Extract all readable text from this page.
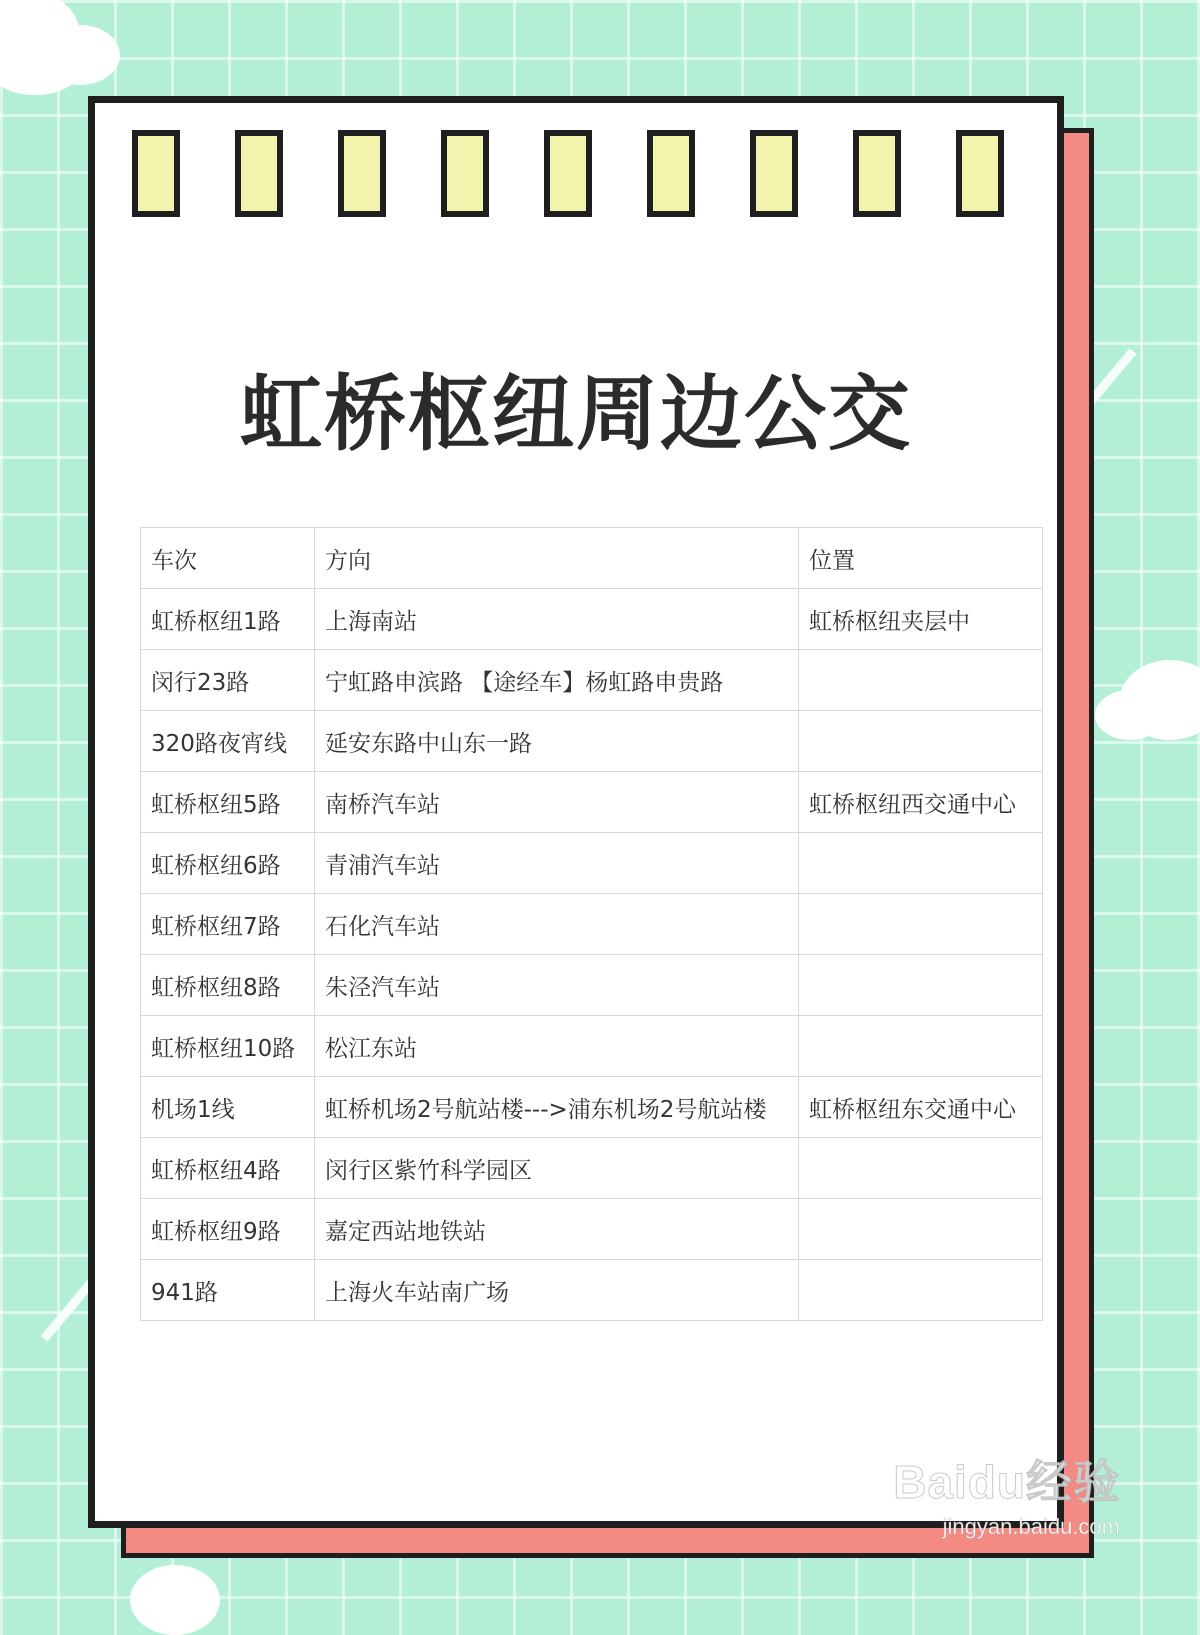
虹桥枢纽周边公交
车次	方向	位置
虹桥枢纽1路	上海南站	虹桥枢纽夹层中
闵行23路	宁虹路申滨路 【途经车】杨虹路申贵路	
320路夜宵线	延安东路中山东一路	
虹桥枢纽5路	南桥汽车站	虹桥枢纽西交通中心
虹桥枢纽6路	青浦汽车站	
虹桥枢纽7路	石化汽车站	
虹桥枢纽8路	朱泾汽车站	
虹桥枢纽10路	松江东站	
机场1线	虹桥机场2号航站楼--->浦东机场2号航站楼	虹桥枢纽东交通中心
虹桥枢纽4路	闵行区紫竹科学园区	
虹桥枢纽9路	嘉定西站地铁站	
941路	上海火车站南广场	
Baidu经验
jingyan.baidu.com
